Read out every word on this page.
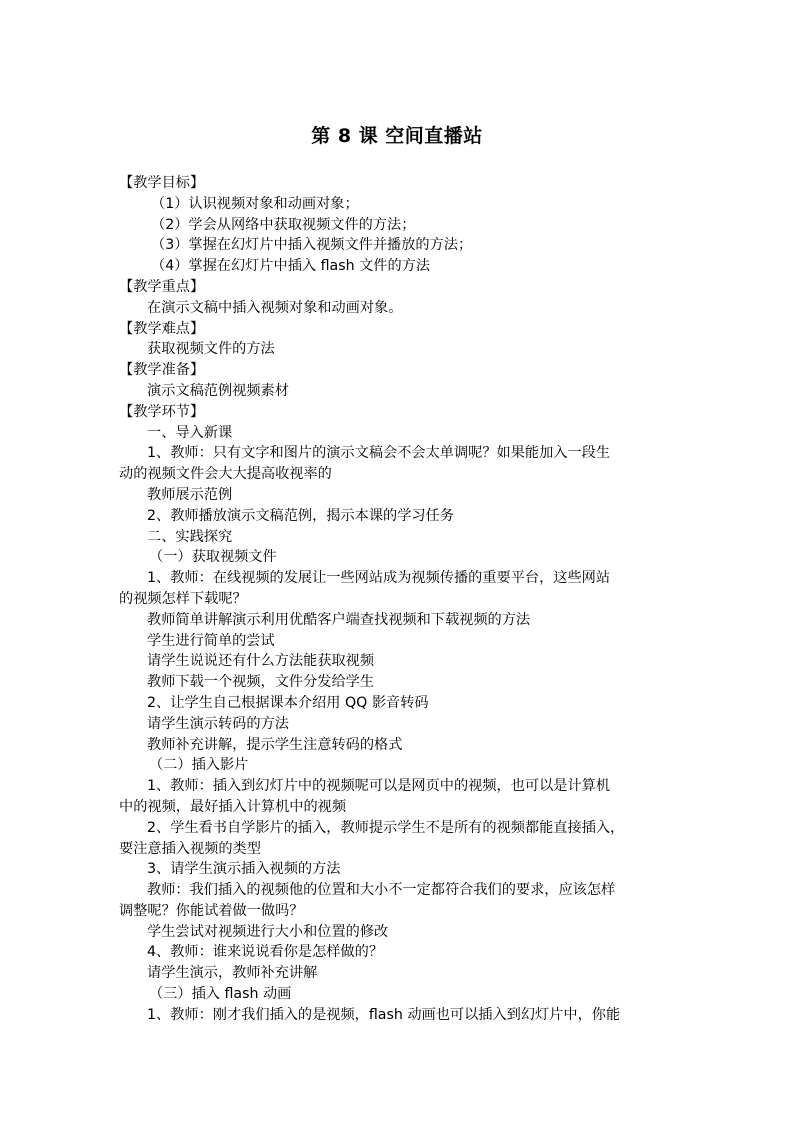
第 8 课 空间直播站
【教学目标】
（1）认识视频对象和动画对象；
（2）学会从网络中获取视频文件的方法；
（3）掌握在幻灯片中插入视频文件并播放的方法；
（4）掌握在幻灯片中插入 flash 文件的方法
【教学重点】
在演示文稿中插入视频对象和动画对象。
【教学难点】
获取视频文件的方法
【教学准备】
演示文稿范例视频素材
【教学环节】
一、导入新课
1、教师：只有文字和图片的演示文稿会不会太单调呢？如果能加入一段生
动的视频文件会大大提高收视率的
教师展示范例
2、教师播放演示文稿范例，揭示本课的学习任务
二、实践探究
（一）获取视频文件
1、教师：在线视频的发展让一些网站成为视频传播的重要平台，这些网站
的视频怎样下载呢？
教师简单讲解演示利用优酷客户端查找视频和下载视频的方法
学生进行简单的尝试
请学生说说还有什么方法能获取视频
教师下载一个视频，文件分发给学生
2、让学生自己根据课本介绍用 QQ 影音转码
请学生演示转码的方法
教师补充讲解，提示学生注意转码的格式
（二）插入影片
1、教师：插入到幻灯片中的视频呢可以是网页中的视频，也可以是计算机
中的视频，最好插入计算机中的视频
2、学生看书自学影片的插入，教师提示学生不是所有的视频都能直接插入，
要注意插入视频的类型
3、请学生演示插入视频的方法
教师：我们插入的视频他的位置和大小不一定都符合我们的要求，应该怎样
调整呢？你能试着做一做吗？
学生尝试对视频进行大小和位置的修改
4、教师：谁来说说看你是怎样做的？
请学生演示，教师补充讲解
（三）插入 flash 动画
1、教师：刚才我们插入的是视频，flash 动画也可以插入到幻灯片中，你能
